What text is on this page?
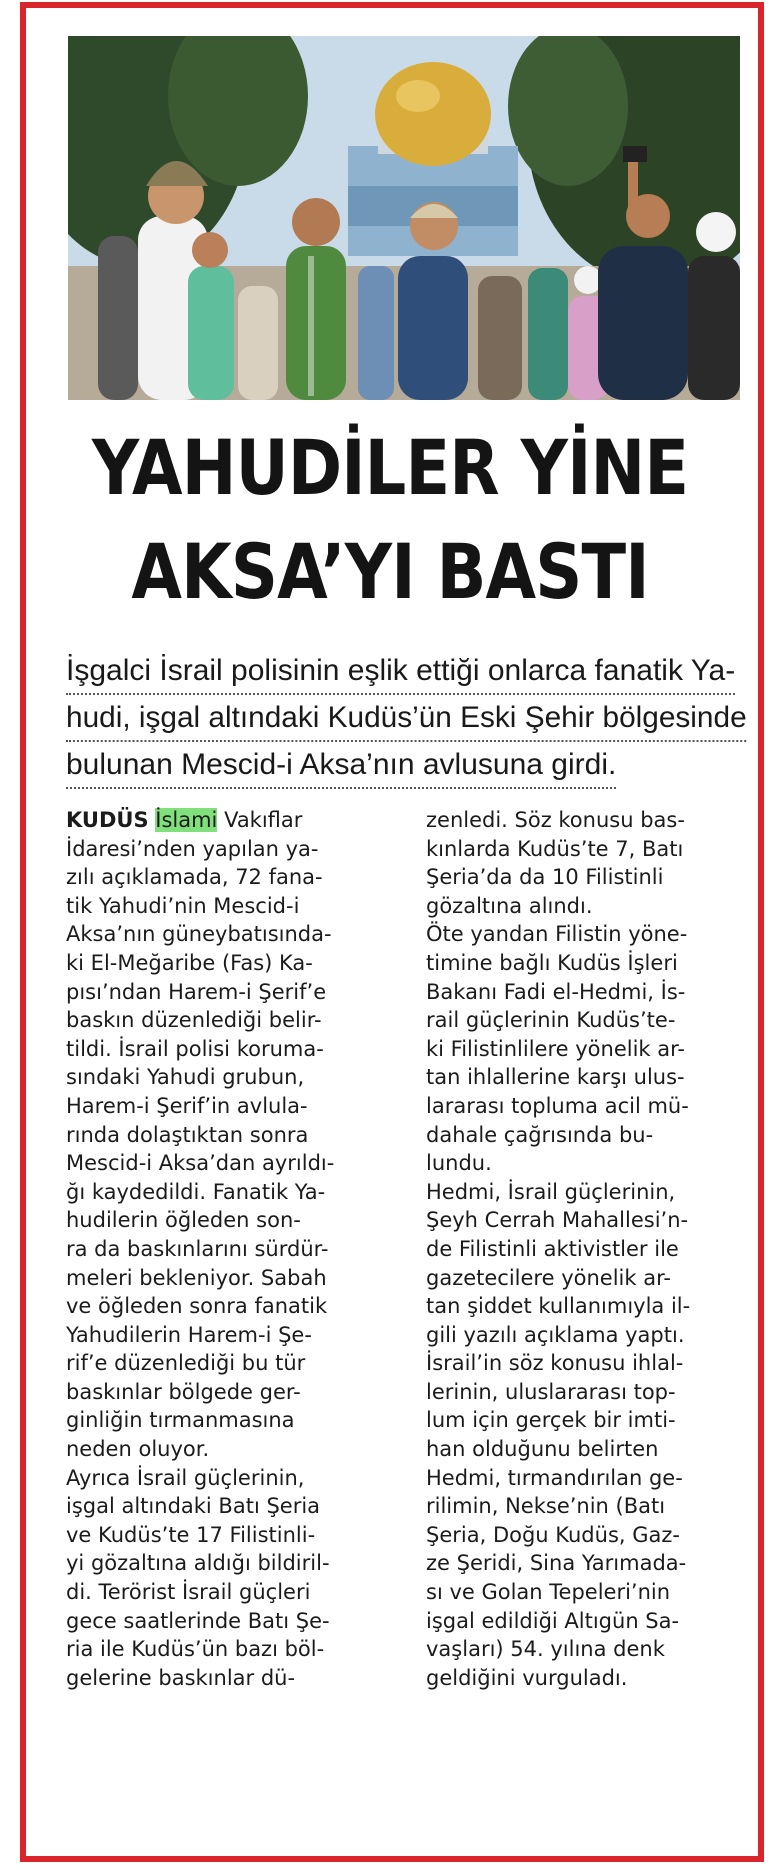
YAHUDİLER YİNE
AKSA’YI BASTI
İşgalci İsrail polisinin eşlik ettiği onlarca fanatik Ya-
hudi, işgal altındaki Kudüs’ün Eski Şehir bölgesinde
bulunan Mescid-i Aksa’nın avlusuna girdi.
KUDÜS İslami Vakıflar
İdaresi’nden yapılan ya-
zılı açıklamada, 72 fana-
tik Yahudi’nin Mescid-i
Aksa’nın güneybatısında-
ki El-Meğaribe (Fas) Ka-
pısı’ndan Harem-i Şerif’e
baskın düzenlediği belir-
tildi. İsrail polisi koruma-
sındaki Yahudi grubun,
Harem-i Şerif’in avlula-
rında dolaştıktan sonra
Mescid-i Aksa’dan ayrıldı-
ğı kaydedildi. Fanatik Ya-
hudilerin öğleden son-
ra da baskınlarını sürdür-
meleri bekleniyor. Sabah
ve öğleden sonra fanatik
Yahudilerin Harem-i Şe-
rif’e düzenlediği bu tür
baskınlar bölgede ger-
ginliğin tırmanmasına
neden oluyor.
Ayrıca İsrail güçlerinin,
işgal altındaki Batı Şeria
ve Kudüs’te 17 Filistinli-
yi gözaltına aldığı bildiril-
di. Terörist İsrail güçleri
gece saatlerinde Batı Şe-
ria ile Kudüs’ün bazı böl-
gelerine baskınlar dü-
zenledi. Söz konusu bas-
kınlarda Kudüs’te 7, Batı
Şeria’da da 10 Filistinli
gözaltına alındı.
Öte yandan Filistin yöne-
timine bağlı Kudüs İşleri
Bakanı Fadi el-Hedmi, İs-
rail güçlerinin Kudüs’te-
ki Filistinlilere yönelik ar-
tan ihlallerine karşı ulus-
lararası topluma acil mü-
dahale çağrısında bu-
lundu.
Hedmi, İsrail güçlerinin,
Şeyh Cerrah Mahallesi’n-
de Filistinli aktivistler ile
gazetecilere yönelik ar-
tan şiddet kullanımıyla il-
gili yazılı açıklama yaptı.
İsrail’in söz konusu ihlal-
lerinin, uluslararası top-
lum için gerçek bir imti-
han olduğunu belirten
Hedmi, tırmandırılan ge-
rilimin, Nekse’nin (Batı
Şeria, Doğu Kudüs, Gaz-
ze Şeridi, Sina Yarımada-
sı ve Golan Tepeleri’nin
işgal edildiği Altıgün Sa-
vaşları) 54. yılına denk
geldiğini vurguladı.
